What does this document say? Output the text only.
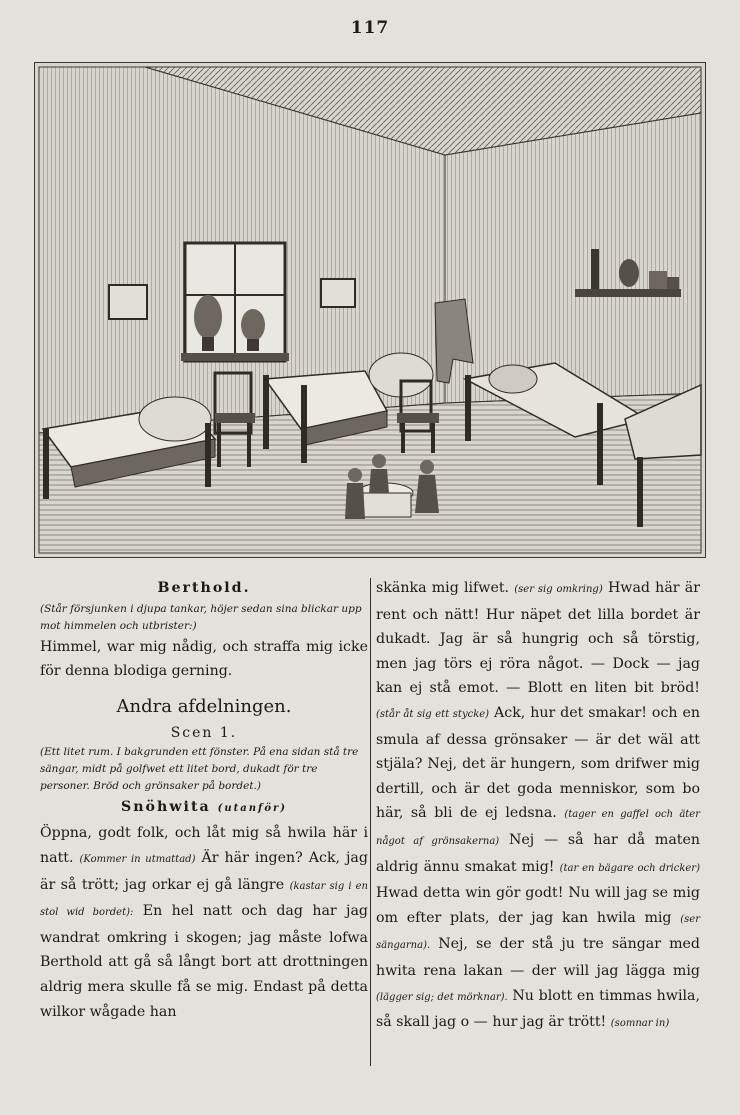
117

Berthold.

(Står försjunken i djupa tankar, höjer sedan sina blickar upp mot himmelen och utbrister:)

Himmel, war mig nådig, och straffa mig icke för denna blodiga gerning.

Andra afdelningen.

Scen 1.

(Ett litet rum. I bakgrunden ett fönster. På ena sidan stå tre sängar, midt på golfwet ett litet bord, dukadt för tre personer. Bröd och grönsaker på bordet.)

Snöhwita (utanför)

Öppna, godt folk, och låt mig så hwila här i natt. (Kommer in utmattad) Är här ingen? Ack, jag är så trött; jag orkar ej gå längre (kastar sig i en stol wid bordet): En hel natt och dag har jag wandrat omkring i skogen; jag måste lofwa Berthold att gå så långt bort att drottningen aldrig mera skulle få se mig. Endast på detta wilkor wågade han

skänka mig lifwet. (ser sig omkring) Hwad här är rent och nätt! Hur näpet det lilla bordet är dukadt. Jag är så hungrig och så törstig, men jag törs ej röra något. — Dock — jag kan ej stå emot. — Blott en liten bit bröd! (står åt sig ett stycke) Ack, hur det smakar! och en smula af dessa grönsaker — är det wäl att stjäla? Nej, det är hungern, som drifwer mig dertill, och är det goda menniskor, som bo här, så bli de ej ledsna. (tager en gaffel och äter något af grönsakerna) Nej — så har då maten aldrig ännu smakat mig! (tar en bägare och dricker) Hwad detta win gör godt! Nu will jag se mig om efter plats, der jag kan hwila mig (ser sängarna). Nej, se der stå ju tre sängar med hwita rena lakan — der will jag lägga mig (lägger sig; det mörknar). Nu blott en timmas hwila, så skall jag o — hur jag är trött! (somnar in)
